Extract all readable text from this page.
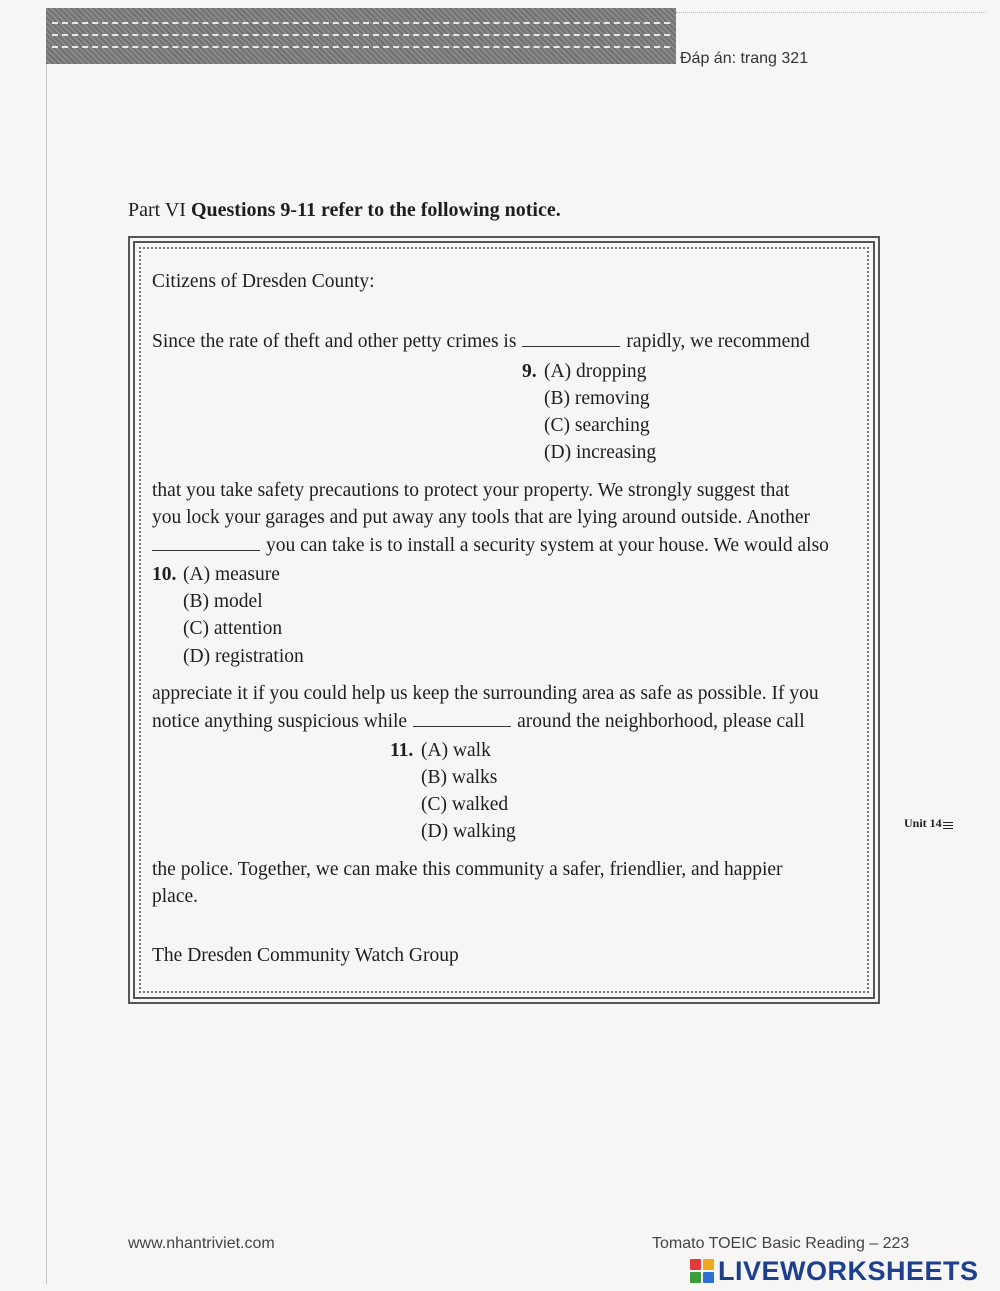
Đáp án: trang 321
Part VI Questions 9-11 refer to the following notice.
Citizens of Dresden County:
Since the rate of theft and other petty crimes is	rapidly, we recommend
9. (A) dropping
(B) removing
(C) searching
(D) increasing
that you take safety precautions to protect your property. We strongly suggest that
you lock your garages and put away any tools that are lying around outside. Another
you can take is to install a security system at your house. We would also
10. (A) measure
(B) model
(C) attention
(D) registration
appreciate it if you could help us keep the surrounding area as safe as possible. If you
notice anything suspicious while	around the neighborhood, please call
11. (A) walk
(B) walks
(C) walked
(D) walking
the police. Together, we can make this community a safer, friendlier, and happier
place.
The Dresden Community Watch Group
Unit 14
www.nhantriviet.com	Tomato TOEIC Basic Reading – 223
LIVEWORKSHEETS
